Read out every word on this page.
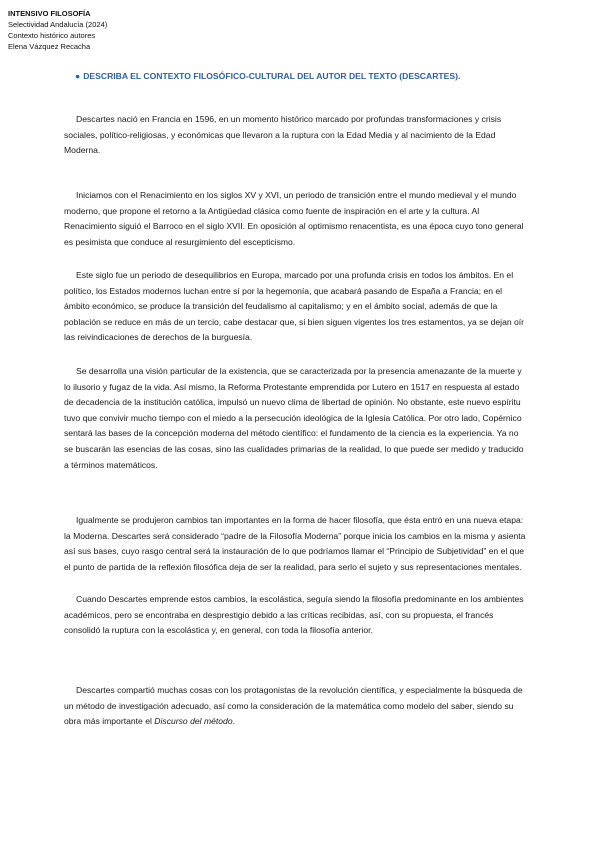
INTENSIVO FILOSOFÍA
Selectividad Andalucía (2024)
Contexto histórico autores
Elena Vázquez Recacha
● DESCRIBA EL CONTEXTO FILOSÓFICO-CULTURAL DEL AUTOR DEL TEXTO (DESCARTES).

Descartes nació en Francia en 1596, en un momento histórico marcado por profundas transformaciones y crisis sociales, político-religiosas, y económicas que llevaron a la ruptura con la Edad Media y al nacimiento de la Edad Moderna.

Iniciamos con el Renacimiento en los siglos XV y XVI, un periodo de transición entre el mundo medieval y el mundo moderno, que propone el retorno a la Antigüedad clásica como fuente de inspiración en el arte y la cultura. Al Renacimiento siguió el Barroco en el siglo XVII. En oposición al optimismo renacentista, es una época cuyo tono general es pesimista que conduce al resurgimiento del escepticismo.

Este siglo fue un periodo de desequilibrios en Europa, marcado por una profunda crisis en todos los ámbitos. En el político, los Estados modernos luchan entre sí por la hegemonía, que acabará pasando de España a Francia; en el ámbito económico, se produce la transición del feudalismo al capitalismo; y en el ámbito social, además de que la población se reduce en más de un tercio, cabe destacar que, si bien siguen vigentes los tres estamentos, ya se dejan oír las reivindicaciones de derechos de la burguesía.

Se desarrolla una visión particular de la existencia, que se caracterizada por la presencia amenazante de la muerte y lo ilusorio y fugaz de la vida. Así mismo, la Reforma Protestante emprendida por Lutero en 1517 en respuesta al estado de decadencia de la institución católica, impulsó un nuevo clima de libertad de opinión. No obstante, este nuevo espíritu tuvo que convivir mucho tiempo con el miedo a la persecución ideológica de la Iglesia Católica. Por otro lado, Copérnico sentará las bases de la concepción moderna del método científico: el fundamento de la ciencia es la experiencia. Ya no se buscarán las esencias de las cosas, sino las cualidades primarias de la realidad, lo que puede ser medido y traducido a términos matemáticos.

Igualmente se produjeron cambios tan importantes en la forma de hacer filosofía, que ésta entró en una nueva etapa: la Moderna. Descartes será considerado “padre de la Filosofía Moderna” porque inicia los cambios en la misma y asienta así sus bases, cuyo rasgo central será la instauración de lo que podríamos llamar el “Principio de Subjetividad” en el que el punto de partida de la reflexión filosófica deja de ser la realidad, para serlo el sujeto y sus representaciones mentales.

Cuando Descartes emprende estos cambios, la escolástica, seguía siendo la filosofía predominante en los ambientes académicos, pero se encontraba en desprestigio debido a las críticas recibidas, así, con su propuesta, el francés consolidó la ruptura con la escolástica y, en general, con toda la filosofía anterior.

Descartes compartió muchas cosas con los protagonistas de la revolución científica, y especialmente la búsqueda de un método de investigación adecuado, así como la consideración de la matemática como modelo del saber, siendo su obra más importante el Discurso del método.
